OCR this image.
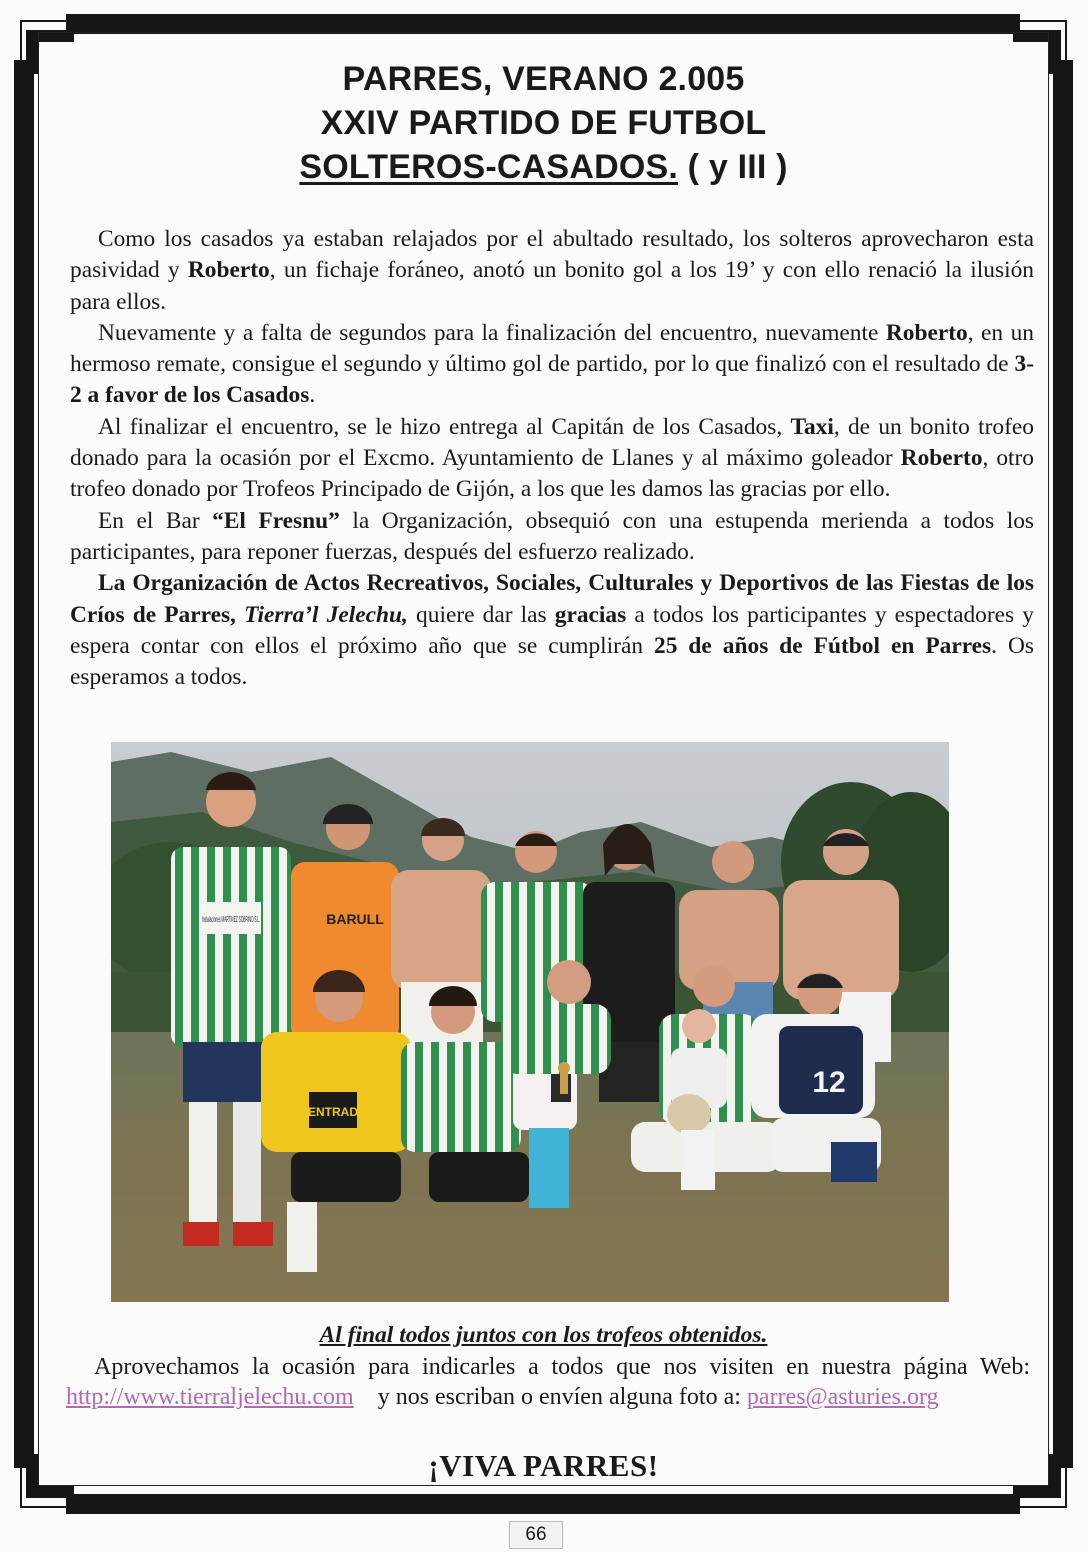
PARRES, VERANO 2.005
XXIV PARTIDO DE FUTBOL
SOLTEROS-CASADOS. ( y III )

Como los casados ya estaban relajados por el abultado resultado, los solteros aprovecharon esta pasividad y Roberto, un fichaje foráneo, anotó un bonito gol a los 19’ y con ello renació la ilusión para ellos.

Nuevamente y a falta de segundos para la finalización del encuentro, nuevamente Roberto, en un hermoso remate, consigue el segundo y último gol de partido, por lo que finalizó con el resultado de 3-2 a favor de los Casados.

Al finalizar el encuentro, se le hizo entrega al Capitán de los Casados, Taxi, de un bonito trofeo donado para la ocasión por el Excmo. Ayuntamiento de Llanes y al máximo goleador Roberto, otro trofeo donado por Trofeos Principado de Gijón, a los que les damos las gracias por ello.

En el Bar “El Fresnu” la Organización, obsequió con una estupenda merienda a todos los participantes, para reponer fuerzas, después del esfuerzo realizado.

La Organización de Actos Recreativos, Sociales, Culturales y Deportivos de las Fiestas de los Críos de Parres, Tierra’l Jelechu, quiere dar las gracias a todos los participantes y espectadores y espera contar con ellos el próximo año que se cumplirán 25 de años de Fútbol en Parres. Os esperamos a todos.

Instalaciones MARTINEZ SOBRINO S.L.	BARULL
ENTRAD
12
Al final todos juntos con los trofeos obtenidos.

Aprovechamos la ocasión para indicarles a todos que nos visiten en nuestra página Web: http://www.tierraljelechu.com    y nos escriban o envíen alguna foto a: parres@asturies.org

¡VIVA PARRES!
66
